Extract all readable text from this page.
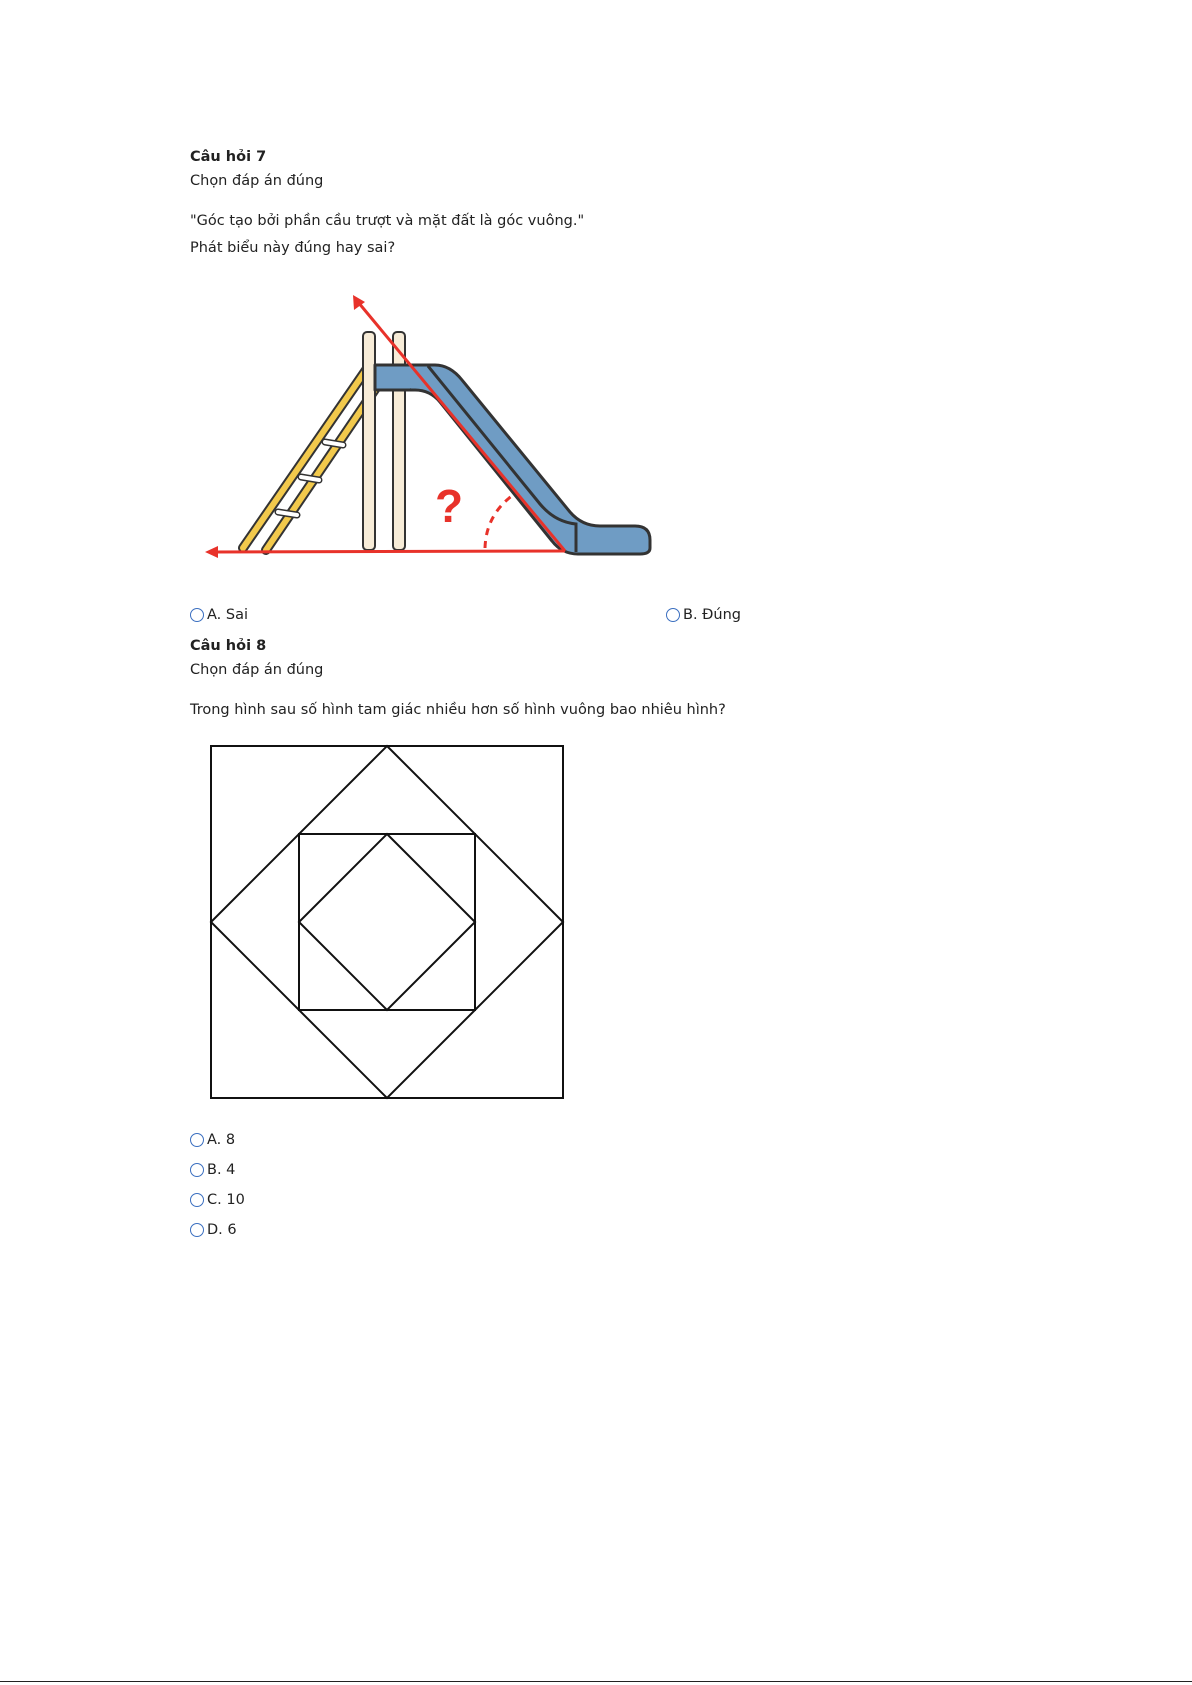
Câu hỏi 7
Chọn đáp án đúng
"Góc tạo bởi phần cầu trượt và mặt đất là góc vuông."
Phát biểu này đúng hay sai?
?
A. Sai	B. Đúng
Câu hỏi 8
Chọn đáp án đúng
Trong hình sau số hình tam giác nhiều hơn số hình vuông bao nhiêu hình?
A. 8
B. 4
C. 10
D. 6
